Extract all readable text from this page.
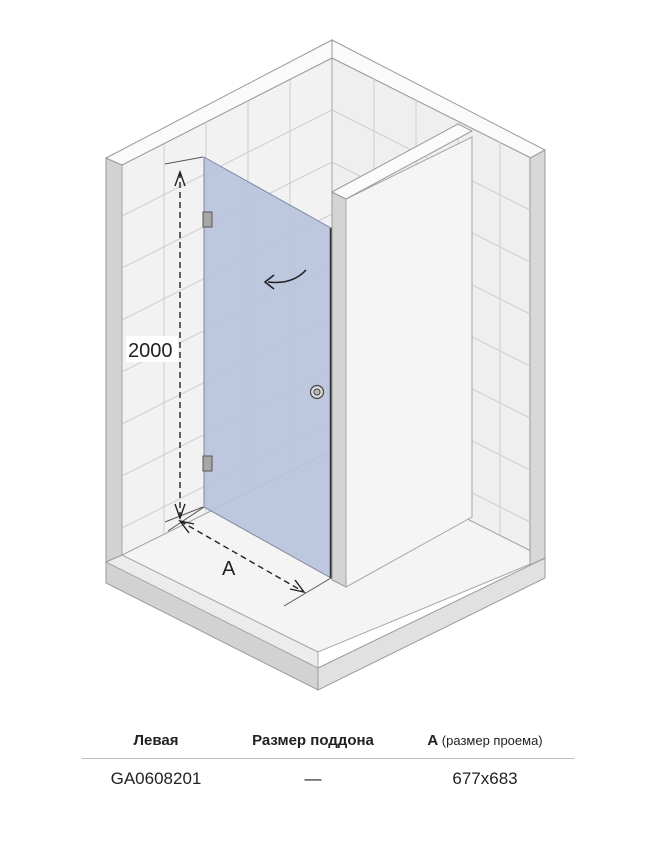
2000
A
Левая	Размер поддона	A (размер проема)
GA0608201	—	677x683
